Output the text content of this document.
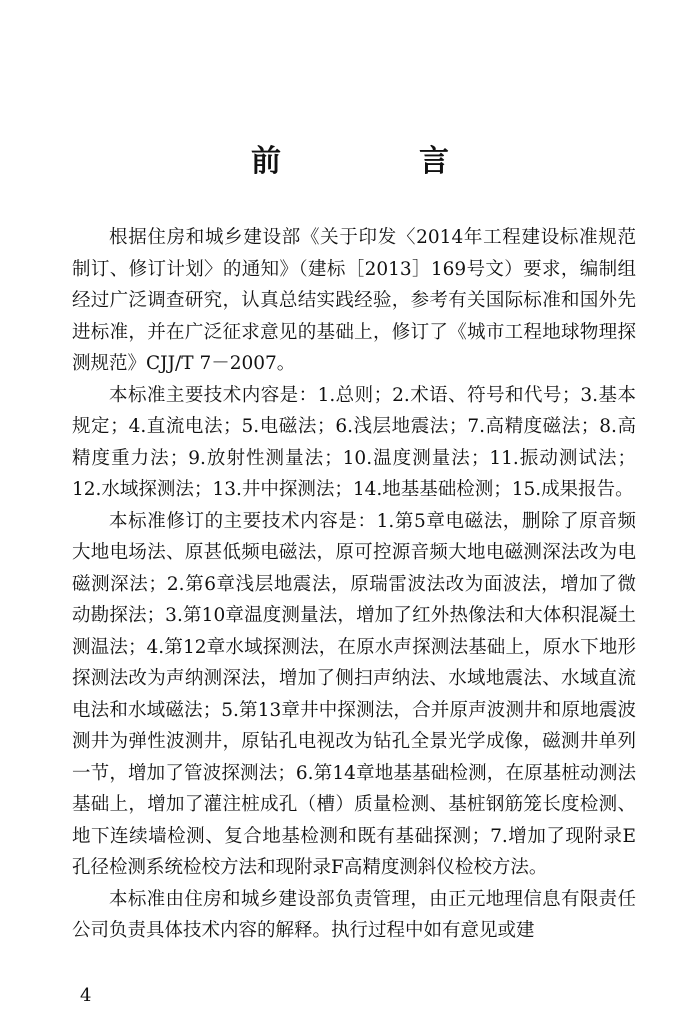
前　言

根据住房和城乡建设部《关于印发〈2014年工程建设标准规范制订、修订计划〉的通知》（建标［2013］169号文）要求，编制组经过广泛调查研究，认真总结实践经验，参考有关国际标准和国外先进标准，并在广泛征求意见的基础上，修订了《城市工程地球物理探测规范》CJJ/T 7－2007。

本标准主要技术内容是：1.总则；2.术语、符号和代号；3.基本规定；4.直流电法；5.电磁法；6.浅层地震法；7.高精度磁法；8.高精度重力法；9.放射性测量法；10.温度测量法；11.振动测试法；12.水域探测法；13.井中探测法；14.地基基础检测；15.成果报告。

本标准修订的主要技术内容是：1.第5章电磁法，删除了原音频大地电场法、原甚低频电磁法，原可控源音频大地电磁测深法改为电磁测深法；2.第6章浅层地震法，原瑞雷波法改为面波法，增加了微动勘探法；3.第10章温度测量法，增加了红外热像法和大体积混凝土测温法；4.第12章水域探测法，在原水声探测法基础上，原水下地形探测法改为声纳测深法，增加了侧扫声纳法、水域地震法、水域直流电法和水域磁法；5.第13章井中探测法，合并原声波测井和原地震波测井为弹性波测井，原钻孔电视改为钻孔全景光学成像，磁测井单列一节，增加了管波探测法；6.第14章地基基础检测，在原基桩动测法基础上，增加了灌注桩成孔（槽）质量检测、基桩钢筋笼长度检测、地下连续墙检测、复合地基检测和既有基础探测；7.增加了现附录E孔径检测系统检校方法和现附录F高精度测斜仪检校方法。

本标准由住房和城乡建设部负责管理，由正元地理信息有限责任公司负责具体技术内容的解释。执行过程中如有意见或建

4
